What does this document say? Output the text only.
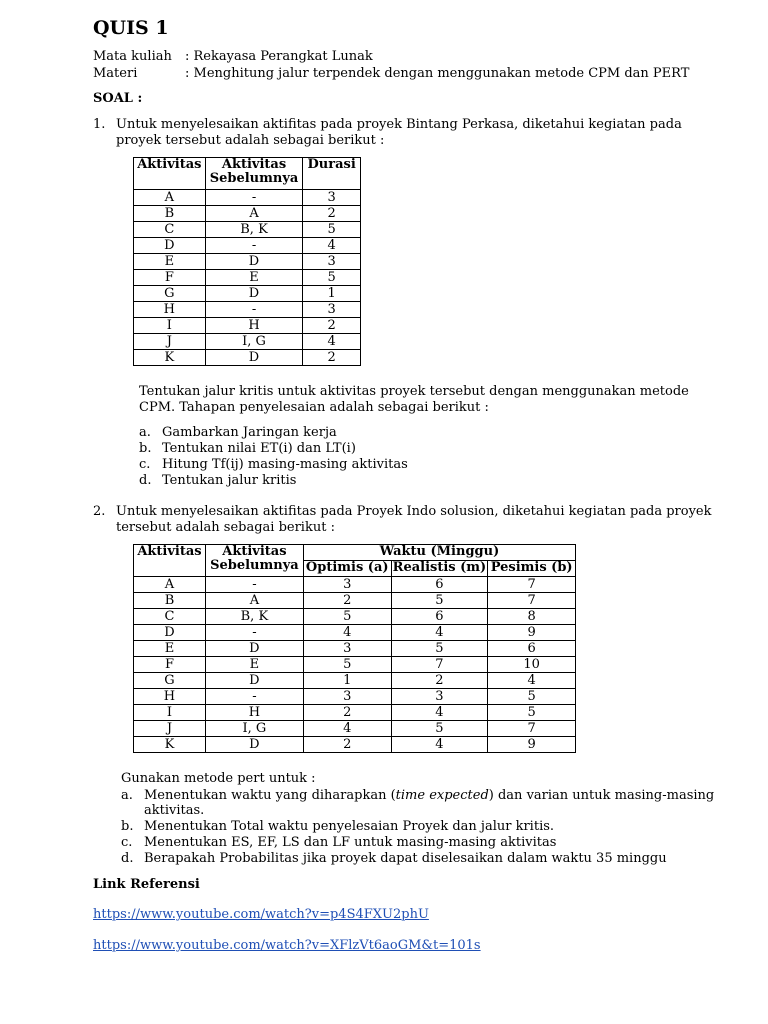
QUIS 1
Mata kuliah : Rekayasa Perangkat Lunak
Materi	: Menghitung jalur terpendek dengan menggunakan metode CPM dan PERT
SOAL :
1. Untuk menyelesaikan aktifitas pada proyek Bintang Perkasa, diketahui kegiatan pada
proyek tersebut adalah sebagai berikut :
Aktivitas	Aktivitas Sebelumnya	Durasi
A	-	3
B	A	2
C	B, K	5
D	-	4
E	D	3
F	E	5
G	D	1
H	-	3
I	H	2
J	I, G	4
K	D	2
Tentukan jalur kritis untuk aktivitas proyek tersebut dengan menggunakan metode
CPM. Tahapan penyelesaian adalah sebagai berikut :
a. Gambarkan Jaringan kerja
b. Tentukan nilai ET(i) dan LT(i)
c. Hitung Tf(ij) masing-masing aktivitas
d. Tentukan jalur kritis
2. Untuk menyelesaikan aktifitas pada Proyek Indo solusion, diketahui kegiatan pada proyek
tersebut adalah sebagai berikut :
Aktivitas	Aktivitas Sebelumnya	Waktu (Minggu)		
		Optimis (a)	Realistis (m)	Pesimis (b)
A	-	3	6	7
B	A	2	5	7
C	B, K	5	6	8
D	-	4	4	9
E	D	3	5	6
F	E	5	7	10
G	D	1	2	4
H	-	3	3	5
I	H	2	4	5
J	I, G	4	5	7
K	D	2	4	9
Gunakan metode pert untuk :
a. Menentukan waktu yang diharapkan (time expected) dan varian untuk masing-masing
aktivitas.
b. Menentukan Total waktu penyelesaian Proyek dan jalur kritis.
c. Menentukan ES, EF, LS dan LF untuk masing-masing aktivitas
d. Berapakah Probabilitas jika proyek dapat diselesaikan dalam waktu 35 minggu
Link Referensi
https://www.youtube.com/watch?v=p4S4FXU2phU
https://www.youtube.com/watch?v=XFlzVt6aoGM&t=101s
